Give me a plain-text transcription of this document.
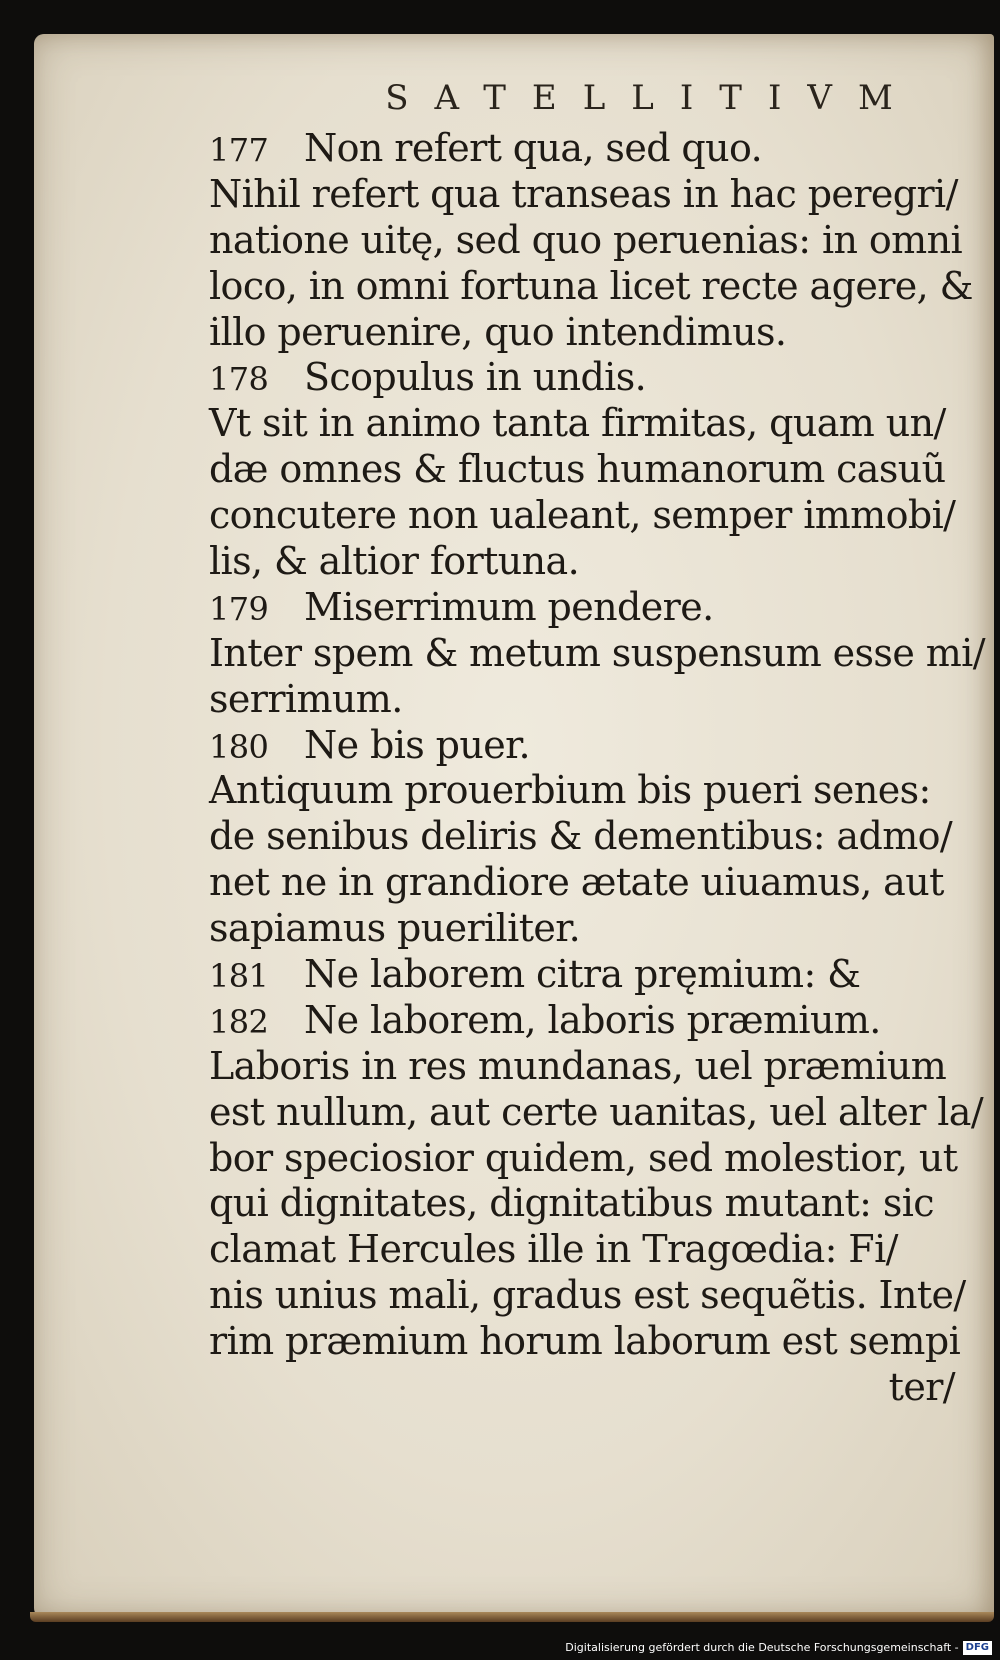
SATELLITIVM
177 Non refert qua, sed quo.
Nihil refert qua transeas in hac peregri/
natione uitę, sed quo peruenias: in omni
loco, in omni fortuna licet recte agere, &
illo peruenire, quo intendimus.
178 Scopulus in undis.
Vt sit in animo tanta firmitas, quam un/
dæ omnes & fluctus humanorum casuũ
concutere non ualeant, semper immobi/
lis, & altior fortuna.
179 Miserrimum pendere.
Inter spem & metum suspensum esse mi/
serrimum.
180 Ne bis puer.
Antiquum prouerbium bis pueri senes:
de senibus deliris & dementibus: admo/
net ne in grandiore ætate uiuamus, aut
sapiamus pueriliter.
181 Ne laborem citra pręmium: &
182 Ne laborem, laboris præmium.
Laboris in res mundanas, uel præmium
est nullum, aut certe uanitas, uel alter la/
bor speciosior quidem, sed molestior, ut
qui dignitates, dignitatibus mutant: sic
clamat Hercules ille in Tragœdia: Fi/
nis unius mali, gradus est sequẽtis. Inte/
rim præmium horum laborum est sempi
ter/
Digitalisierung gefördert durch die Deutsche Forschungsgemeinschaft - DFG
